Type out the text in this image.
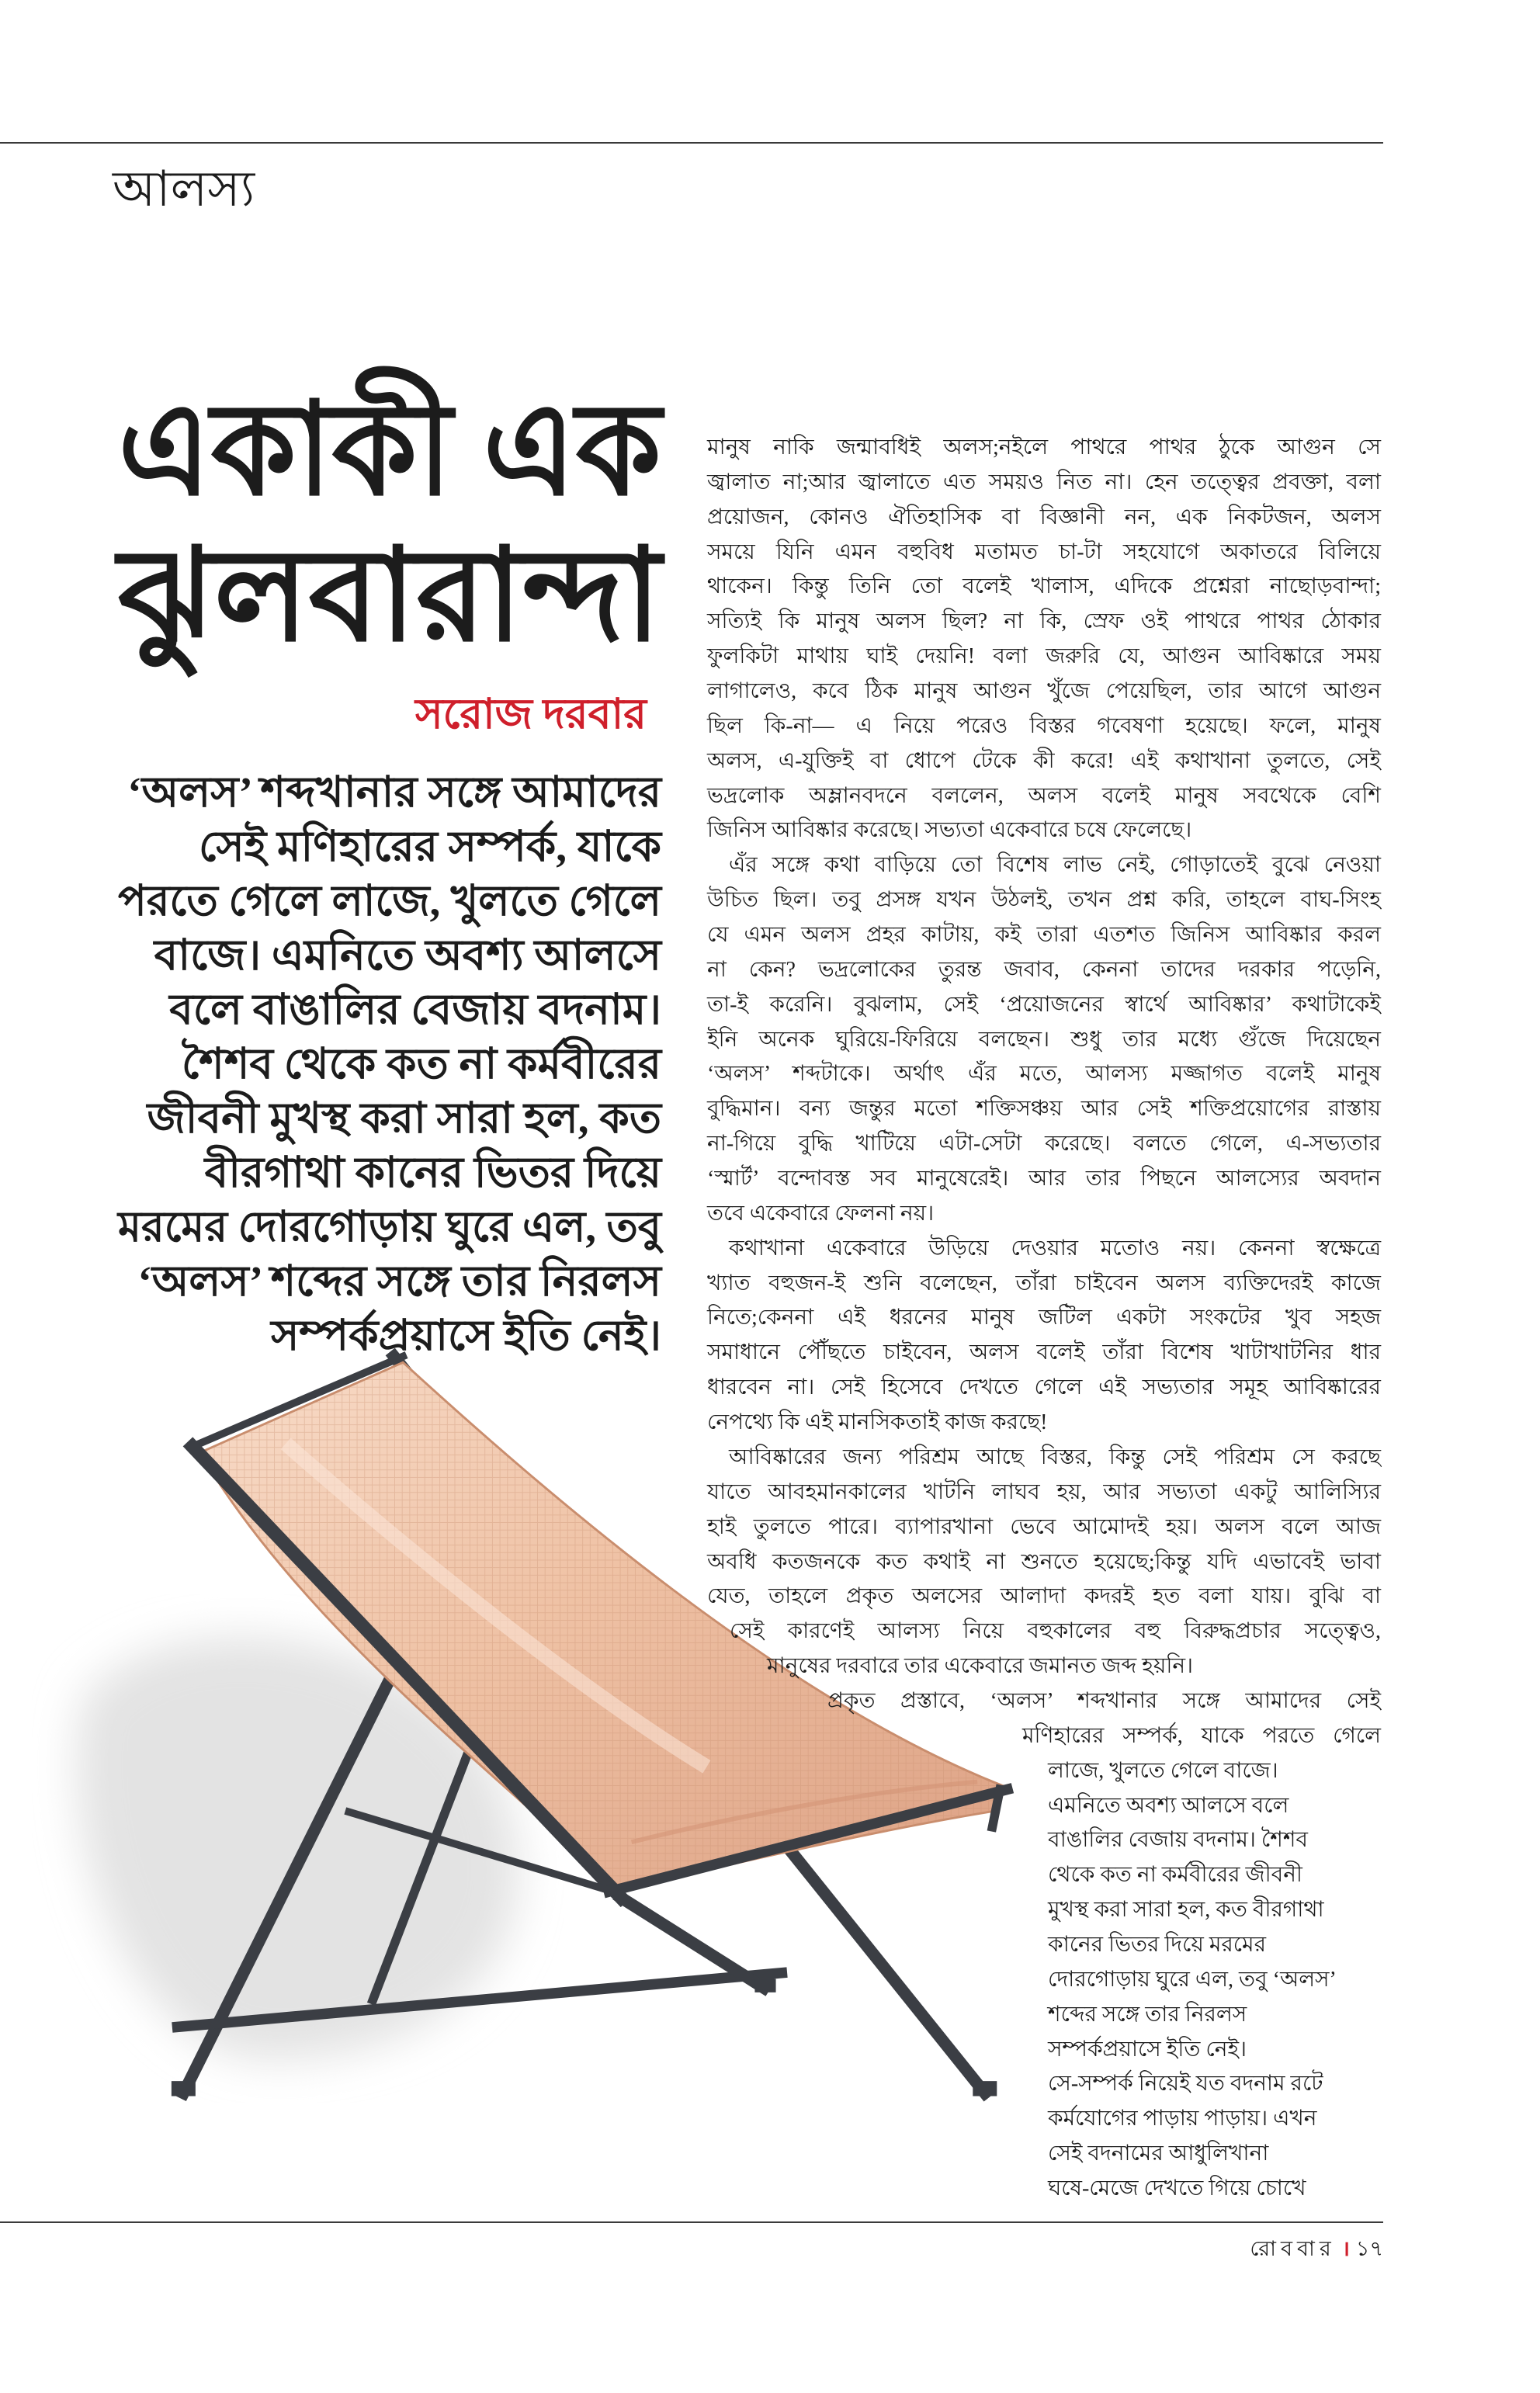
আলস্য
একাকী এক
ঝুলবারান্দা
সরোজ দরবার
‘অলস’ শব্দখানার সঙ্গে আমাদের
সেই মণিহারের সম্পর্ক, যাকে
পরতে গেলে লাজে, খুলতে গেলে
বাজে। এমনিতে অবশ্য আলসে
বলে বাঙালির বেজায় বদনাম।
শৈশব থেকে কত না কর্মবীরের
জীবনী মুখস্থ করা সারা হল, কত
বীরগাথা কানের ভিতর দিয়ে
মরমের দোরগোড়ায় ঘুরে এল, তবু
‘অলস’ শব্দের সঙ্গে তার নিরলস
সম্পর্কপ্রয়াসে ইতি নেই।
মানুষ নাকি জন্মাবধিই অলস;নইলে পাথরে পাথর ঠুকে আগুন সে
জ্বালাত না;আর জ্বালাতে এত সময়ও নিত না। হেন তত্ত্বের প্রবক্তা, বলা
প্রয়োজন, কোনও ঐতিহাসিক বা বিজ্ঞানী নন, এক নিকটজন, অলস
সময়ে যিনি এমন বহুবিধ মতামত চা-টা সহযোগে অকাতরে বিলিয়ে
থাকেন। কিন্তু তিনি তো বলেই খালাস, এদিকে প্রশ্নেরা নাছোড়বান্দা;
সত্যিই কি মানুষ অলস ছিল? না কি, স্রেফ ওই পাথরে পাথর ঠোকার
ফুলকিটা মাথায় ঘাই দেয়নি! বলা জরুরি যে, আগুন আবিষ্কারে সময়
লাগালেও, কবে ঠিক মানুষ আগুন খুঁজে পেয়েছিল, তার আগে আগুন
ছিল কি-না— এ নিয়ে পরেও বিস্তর গবেষণা হয়েছে। ফলে, মানুষ
অলস, এ-যুক্তিই বা ধোপে টেকে কী করে! এই কথাখানা তুলতে, সেই
ভদ্রলোক অম্লানবদনে বললেন, অলস বলেই মানুষ সবথেকে বেশি
জিনিস আবিষ্কার করেছে। সভ্যতা একেবারে চষে ফেলেছে।
এঁর সঙ্গে কথা বাড়িয়ে তো বিশেষ লাভ নেই, গোড়াতেই বুঝে নেওয়া
উচিত ছিল। তবু প্রসঙ্গ যখন উঠলই, তখন প্রশ্ন করি, তাহলে বাঘ-সিংহ
যে এমন অলস প্রহর কাটায়, কই তারা এতশত জিনিস আবিষ্কার করল
না কেন? ভদ্রলোকের তুরন্ত জবাব, কেননা তাদের দরকার পড়েনি,
তা-ই করেনি। বুঝলাম, সেই ‘প্রয়োজনের স্বার্থে আবিষ্কার’ কথাটাকেই
ইনি অনেক ঘুরিয়ে-ফিরিয়ে বলছেন। শুধু তার মধ্যে গুঁজে দিয়েছেন
‘অলস’ শব্দটাকে। অর্থাৎ এঁর মতে, আলস্য মজ্জাগত বলেই মানুষ
বুদ্ধিমান। বন্য জন্তুর মতো শক্তিসঞ্চয় আর সেই শক্তিপ্রয়োগের রাস্তায়
না-গিয়ে বুদ্ধি খাটিয়ে এটা-সেটা করেছে। বলতে গেলে, এ-সভ্যতার
‘স্মার্ট’ বন্দোবস্ত সব মানুষেরেই। আর তার পিছনে আলস্যের অবদান
তবে একেবারে ফেলনা নয়।
কথাখানা একেবারে উড়িয়ে দেওয়ার মতোও নয়। কেননা স্বক্ষেত্রে
খ্যাত বহুজন-ই শুনি বলেছেন, তাঁরা চাইবেন অলস ব্যক্তিদেরই কাজে
নিতে;কেননা এই ধরনের মানুষ জটিল একটা সংকটের খুব সহজ
সমাধানে পৌঁছতে চাইবেন, অলস বলেই তাঁরা বিশেষ খাটাখাটনির ধার
ধারবেন না। সেই হিসেবে দেখতে গেলে এই সভ্যতার সমূহ আবিষ্কারের
নেপথ্যে কি এই মানসিকতাই কাজ করছে!
আবিষ্কারের জন্য পরিশ্রম আছে বিস্তর, কিন্তু সেই পরিশ্রম সে করছে
যাতে আবহমানকালের খাটনি লাঘব হয়, আর সভ্যতা একটু আলিস্যির
হাই তুলতে পারে। ব্যাপারখানা ভেবে আমোদই হয়। অলস বলে আজ
অবধি কতজনকে কত কথাই না শুনতে হয়েছে;কিন্তু যদি এভাবেই ভাবা
যেত, তাহলে প্রকৃত অলসের আলাদা কদরই হত বলা যায়। বুঝি বা
সেই কারণেই আলস্য নিয়ে বহুকালের বহু বিরুদ্ধপ্রচার সত্ত্বেও,
মানুষের দরবারে তার একেবারে জমানত জব্দ হয়নি।
প্রকৃত প্রস্তাবে, ‘অলস’ শব্দখানার সঙ্গে আমাদের সেই
মণিহারের সম্পর্ক, যাকে পরতে গেলে
লাজে, খুলতে গেলে বাজে।
এমনিতে অবশ্য আলসে বলে
বাঙালির বেজায় বদনাম। শৈশব
থেকে কত না কর্মবীরের জীবনী
মুখস্থ করা সারা হল, কত বীরগাথা
কানের ভিতর দিয়ে মরমের
দোরগোড়ায় ঘুরে এল, তবু ‘অলস’
শব্দের সঙ্গে তার নিরলস
সম্পর্কপ্রয়াসে ইতি নেই।
সে-সম্পর্ক নিয়েই যত বদনাম রটে
কর্মযোগের পাড়ায় পাড়ায়। এখন
সেই বদনামের আধুলিখানা
ঘষে-মেজে দেখতে গিয়ে চোখে
রোববার । ১৭
